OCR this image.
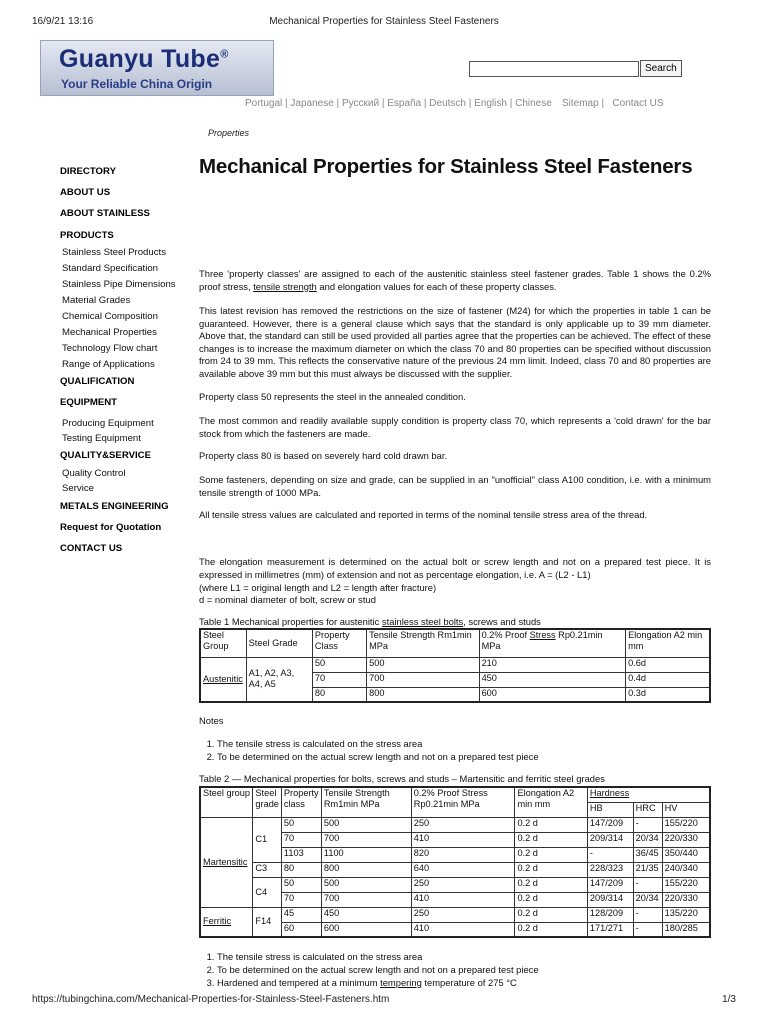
16/9/21 13:16	Mechanical Properties for Stainless Steel Fasteners
Guanyu Tube®
Your Reliable China Origin
Search
Portugal | Japanese | Русский | España | Deutsch | English | Chinese Sitemap |   Contact US
Properties
DIRECTORY
ABOUT US
ABOUT STAINLESS
PRODUCTS
Stainless Steel Products
Standard Specification
Stainless Pipe Dimensions
Material Grades
Chemical Composition
Mechanical Properties
Technology Flow chart
Range of Applications
QUALIFICATION
EQUIPMENT
Producing Equipment
Testing Equipment
QUALITY&SERVICE
Quality Control
Service
METALS ENGINEERING
Request for Quotation
CONTACT US
Mechanical Properties for Stainless Steel Fasteners
Three 'property classes' are assigned to each of the austenitic stainless steel fastener grades. Table 1 shows the 0.2% proof stress, tensile strength and elongation values for each of these property classes.
This latest revision has removed the restrictions on the size of fastener (M24) for which the properties in table 1 can be guaranteed. However, there is a general clause which says that the standard is only applicable up to 39 mm diameter. Above that, the standard can still be used provided all parties agree that the properties can be achieved. The effect of these changes is to increase the maximum diameter on which the class 70 and 80 properties can be specified without discussion from 24 to 39 mm. This reflects the conservative nature of the previous 24 mm limit. Indeed, class 70 and 80 properties are available above 39 mm but this must always be discussed with the supplier.
Property class 50 represents the steel in the annealed condition.
The most common and readily available supply condition is property class 70, which represents a 'cold drawn' for the bar stock from which the fasteners are made.
Property class 80 is based on severely hard cold drawn bar.
Some fasteners, depending on size and grade, can be supplied in an "unofficial" class A100 condition, i.e. with a minimum tensile strength of 1000 MPa.
All tensile stress values are calculated and reported in terms of the nominal tensile stress area of the thread.
The elongation measurement is determined on the actual bolt or screw length and not on a prepared test piece. It is expressed in millimetres (mm) of extension and not as percentage elongation, i.e. A = (L2 - L1)
(where L1 = original length and L2 = length after fracture)
d = nominal diameter of bolt, screw or stud
Table 1 Mechanical properties for austenitic stainless steel bolts, screws and studs
Steel Group	Steel Grade	Property Class	Tensile Strength Rm1min MPa	0.2% Proof Stress Rp0.21min MPa	Elongation A2 min mm
Austenitic	A1, A2, A3, A4, A5	50	500	210	0.6d
		70	700	450	0.4d
		80	800	600	0.3d
Notes
1. The tensile stress is calculated on the stress area
2. To be determined on the actual screw length and not on a prepared test piece
Table 2 — Mechanical properties for bolts, screws and studs – Martensitic and ferritic steel grades
Steel group	Steel grade	Property class	Tensile Strength Rm1min MPa	0.2% Proof Stress Rp0.21min MPa	Elongation A2 min mm	Hardness		
						HB	HRC	HV
Martensitic	C1	50	500	250	0.2 d	147/209	-	155/220
		70	700	410	0.2 d	209/314	20/34	220/330
		1103	1100	820	0.2 d	-	36/45	350/440
	C3	80	800	640	0.2 d	228/323	21/35	240/340
	C4	50	500	250	0.2 d	147/209	-	155/220
		70	700	410	0.2 d	209/314	20/34	220/330
Ferritic	F14	45	450	250	0.2 d	128/209	-	135/220
		60	600	410	0.2 d	171/271	-	180/285
1. The tensile stress is calculated on the stress area
2. To be determined on the actual screw length and not on a prepared test piece
3. Hardened and tempered at a minimum tempering temperature of 275 °C
https://tubingchina.com/Mechanical-Properties-for-Stainless-Steel-Fasteners.htm	1/3
